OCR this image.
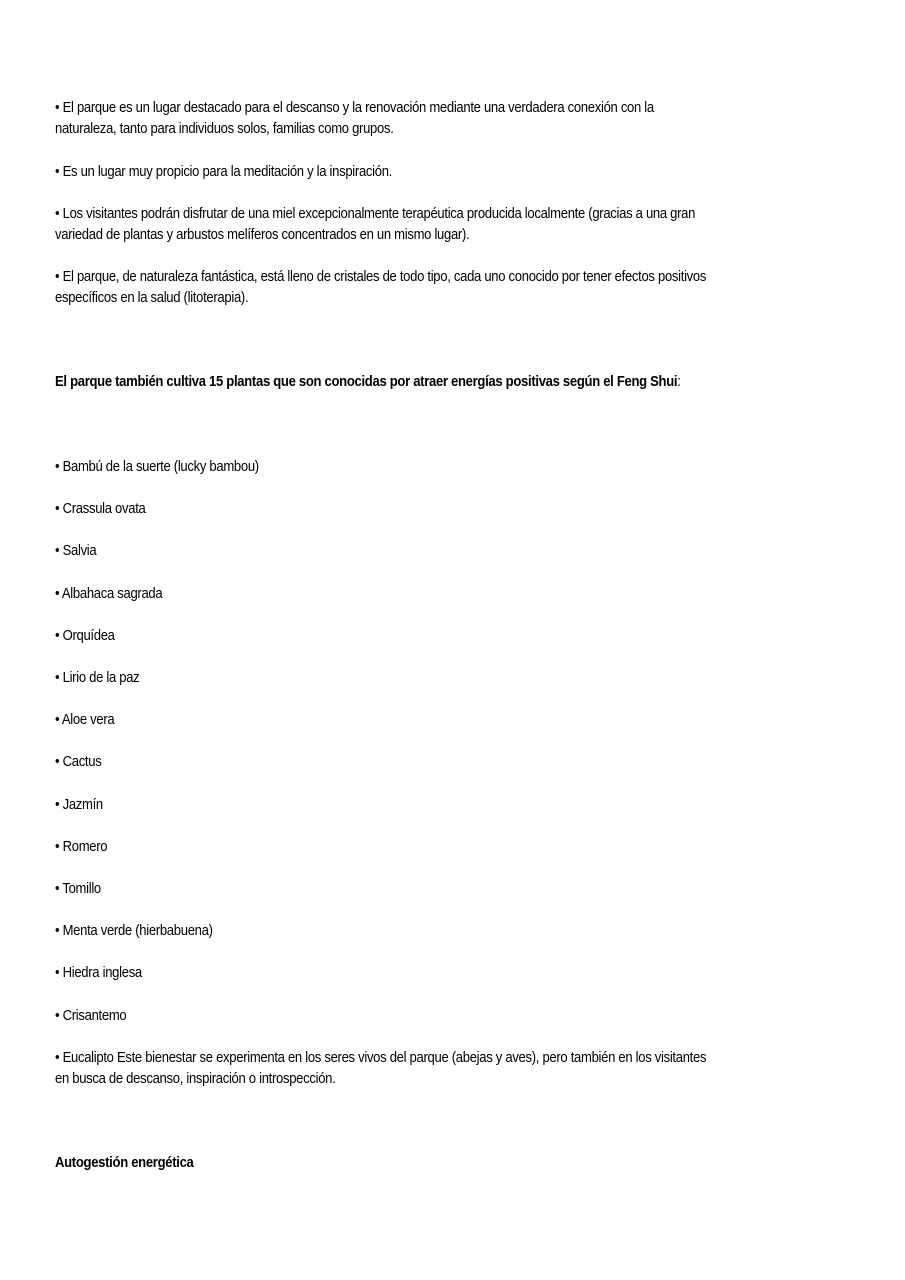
• El parque es un lugar destacado para el descanso y la renovación mediante una verdadera conexión con la
naturaleza, tanto para individuos solos, familias como grupos.
• Es un lugar muy propicio para la meditación y la inspiración.
• Los visitantes podrán disfrutar de una miel excepcionalmente terapéutica producida localmente (gracias a una gran
variedad de plantas y arbustos melíferos concentrados en un mismo lugar).
• El parque, de naturaleza fantástica, está lleno de cristales de todo tipo, cada uno conocido por tener efectos positivos
específicos en la salud (litoterapia).
El parque también cultiva 15 plantas que son conocidas por atraer energías positivas según el Feng Shui:
• Bambú de la suerte (lucky bambou)
• Crassula ovata
• Salvia
• Albahaca sagrada
• Orquídea
• Lirio de la paz
• Aloe vera
• Cactus
• Jazmín
• Romero
• Tomillo
• Menta verde (hierbabuena)
• Hiedra inglesa
• Crisantemo
• Eucalipto Este bienestar se experimenta en los seres vivos del parque (abejas y aves), pero también en los visitantes
en busca de descanso, inspiración o introspección.
Autogestión energética
